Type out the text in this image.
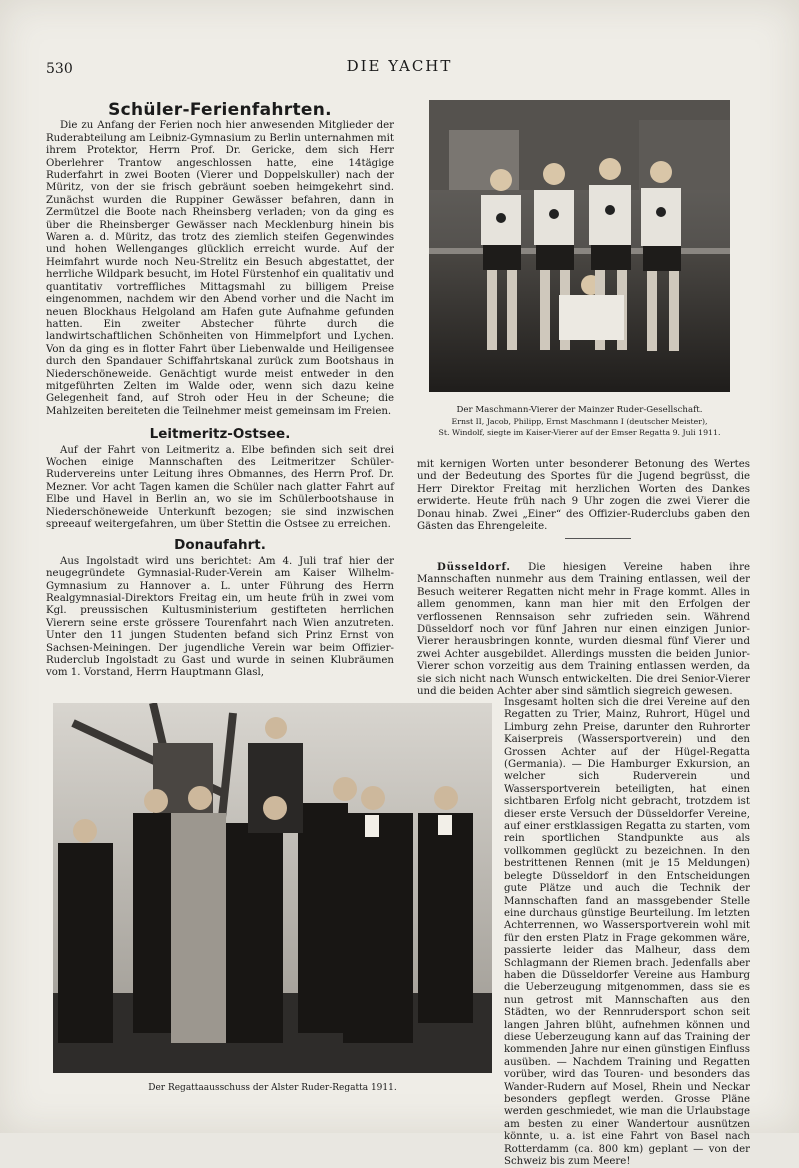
530	DIE YACHT
Schüler-Ferienfahrten.

Die zu Anfang der Ferien noch hier anwesenden Mitglieder der Ruderabteilung am Leibniz-Gymnasium zu Berlin unternahmen mit ihrem Protektor, Herrn Prof. Dr. Gericke, dem sich Herr Oberlehrer Trantow angeschlossen hatte, eine 14tägige Ruderfahrt in zwei Booten (Vierer und Doppelskuller) nach der Müritz, von der sie frisch gebräunt soeben heimgekehrt sind. Zunächst wurden die Ruppiner Gewässer befahren, dann in Zermützel die Boote nach Rheinsberg verladen; von da ging es über die Rheinsberger Gewässer nach Mecklenburg hinein bis Waren a. d. Müritz, das trotz des ziemlich steifen Gegenwindes und hohen Wellenganges glücklich erreicht wurde. Auf der Heimfahrt wurde noch Neu-Strelitz ein Besuch abgestattet, der herrliche Wildpark besucht, im Hotel Fürstenhof ein qualitativ und quantitativ vortreffliches Mittagsmahl zu billigem Preise eingenommen, nachdem wir den Abend vorher und die Nacht im neuen Blockhaus Helgoland am Hafen gute Aufnahme gefunden hatten. Ein zweiter Abstecher führte durch die landwirtschaftlichen Schönheiten von Himmelpfort und Lychen. Von da ging es in flotter Fahrt über Liebenwalde und Heiligensee durch den Spandauer Schiffahrtskanal zurück zum Bootshaus in Niederschöneweide. Genächtigt wurde meist entweder in den mitgeführten Zelten im Walde oder, wenn sich dazu keine Gelegenheit fand, auf Stroh oder Heu in der Scheune; die Mahlzeiten bereiteten die Teilnehmer meist gemeinsam im Freien.

Leitmeritz-Ostsee.

Auf der Fahrt von Leitmeritz a. Elbe befinden sich seit drei Wochen einige Mannschaften des Leitmeritzer Schüler-Rudervereins unter Leitung ihres Obmannes, des Herrn Prof. Dr. Mezner. Vor acht Tagen kamen die Schüler nach glatter Fahrt auf Elbe und Havel in Berlin an, wo sie im Schülerbootshause in Niederschöneweide Unterkunft bezogen; sie sind inzwischen spreeauf weitergefahren, um über Stettin die Ostsee zu erreichen.

Donaufahrt.

Aus Ingolstadt wird uns berichtet: Am 4. Juli traf hier der neugegründete Gymnasial-Ruder-Verein am Kaiser Wilhelm-Gymnasium zu Hannover a. L. unter Führung des Herrn Realgymnasial-Direktors Freitag ein, um heute früh in zwei vom Kgl. preussischen Kultusministerium gestifteten herrlichen Vierern seine erste grössere Tourenfahrt nach Wien anzutreten. Unter den 11 jungen Studenten befand sich Prinz Ernst von Sachsen-Meiningen. Der jugendliche Verein war beim Offizier-Ruderclub Ingolstadt zu Gast und wurde in seinen Klubräumen vom 1. Vorstand, Herrn Hauptmann Glasl,

Der Maschmann-Vierer der Mainzer Ruder-Gesellschaft.
Ernst II, Jacob, Philipp, Ernst Maschmann I (deutscher Meister),
St. Windolf, siegte im Kaiser-Vierer auf der Emser Regatta 9. Juli 1911.

mit kernigen Worten unter besonderer Betonung des Wertes und der Bedeutung des Sportes für die Jugend begrüsst, die Herr Direktor Freitag mit herzlichen Worten des Dankes erwiderte. Heute früh nach 9 Uhr zogen die zwei Vierer die Donau hinab. Zwei „Einer“ des Offizier-Ruderclubs gaben den Gästen das Ehrengeleite.

Düsseldorf. Die hiesigen Vereine haben ihre Mannschaften nunmehr aus dem Training entlassen, weil der Besuch weiterer Regatten nicht mehr in Frage kommt. Alles in allem genommen, kann man hier mit den Erfolgen der verflossenen Rennsaison sehr zufrieden sein. Während Düsseldorf noch vor fünf Jahren nur einen einzigen Junior-Vierer herausbringen konnte, wurden diesmal fünf Vierer und zwei Achter ausgebildet. Allerdings mussten die beiden Junior-Vierer schon vorzeitig aus dem Training entlassen werden, da sie sich nicht nach Wunsch entwickelten. Die drei Senior-Vierer und die beiden Achter aber sind sämtlich siegreich gewesen.

Der Regattaausschuss der Alster Ruder-Regatta 1911.

Insgesamt holten sich die drei Vereine auf den Regatten zu Trier, Mainz, Ruhrort, Hügel und Limburg zehn Preise, darunter den Ruhrorter Kaiserpreis (Wassersportverein) und den Grossen Achter auf der Hügel-Regatta (Germania). — Die Hamburger Exkursion, an welcher sich Ruderverein und Wassersportverein beteiligten, hat einen sichtbaren Erfolg nicht gebracht, trotzdem ist dieser erste Versuch der Düsseldorfer Vereine, auf einer erstklassigen Regatta zu starten, vom rein sportlichen Standpunkte aus als vollkommen geglückt zu bezeichnen. In den bestrittenen Rennen (mit je 15 Meldungen) belegte Düsseldorf in den Entscheidungen gute Plätze und auch die Technik der Mannschaften fand an massgebender Stelle eine durchaus günstige Beurteilung. Im letzten Achterrennen, wo Wassersportverein wohl mit für den ersten Platz in Frage gekommen wäre, passierte leider das Malheur, dass dem Schlagmann der Riemen brach. Jedenfalls aber haben die Düsseldorfer Vereine aus Hamburg die Ueberzeugung mitgenommen, dass sie es nun getrost mit Mannschaften aus den Städten, wo der Rennrudersport schon seit langen Jahren blüht, aufnehmen können und diese Ueberzeugung kann auf das Training der kommenden Jahre nur einen günstigen Einfluss ausüben. — Nachdem Training und Regatten vorüber, wird das Touren- und besonders das Wander-Rudern auf Mosel, Rhein und Neckar besonders gepflegt werden. Grosse Pläne werden geschmiedet, wie man die Urlaubstage am besten zu einer Wandertour ausnützen könnte, u. a. ist eine Fahrt von Basel nach Rotterdamm (ca. 800 km) geplant — von der Schweiz bis zum Meere!
